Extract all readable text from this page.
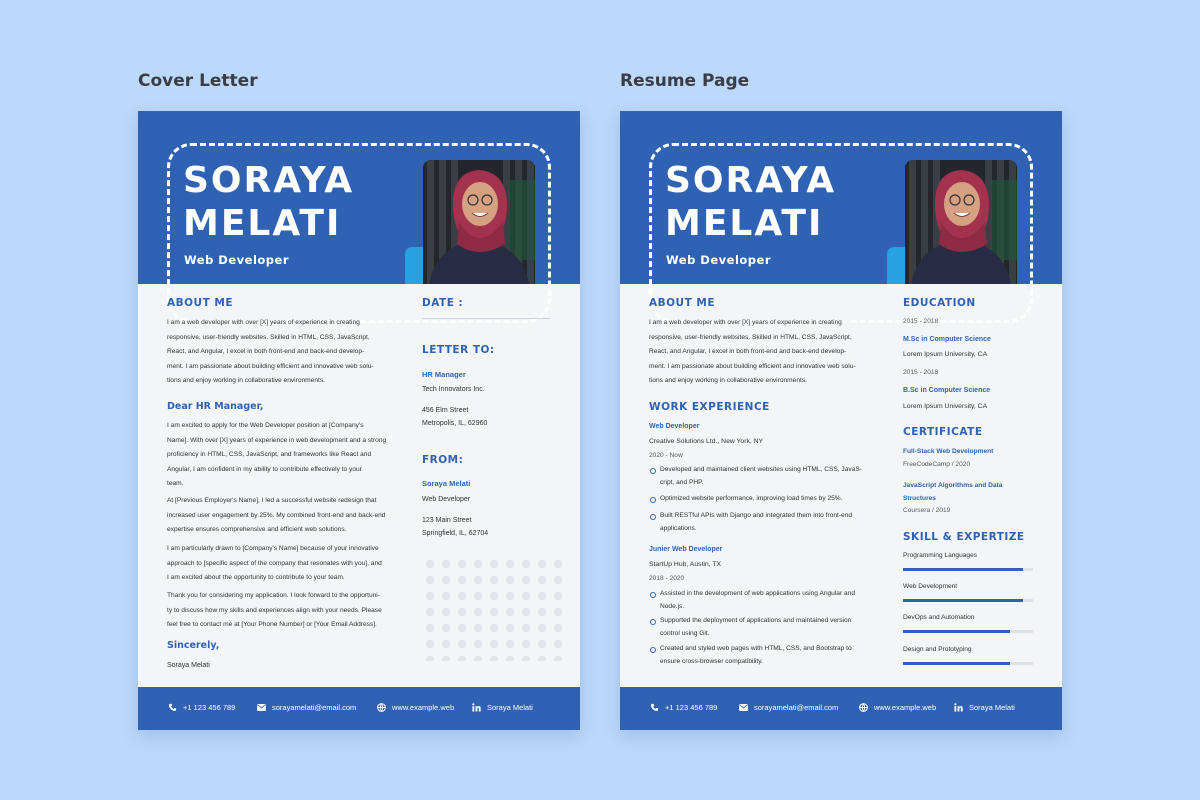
Cover Letter	Resume Page
SORAYA
MELATI
Web Developer
ABOUT ME
I am a web developer with over [X] years of experience in creating
responsive, user-friendly websites. Skilled in HTML, CSS, JavaScript,
React, and Angular, I excel in both front-end and back-end develop-
ment. I am passionate about building efficient and innovative web solu-
tions and enjoy working in collaborative environments.
Dear HR Manager,
I am excited to apply for the Web Developer position at [Company's
Name]. With over [X] years of experience in web development and a strong
proficiency in HTML, CSS, JavaScript, and frameworks like React and
Angular, I am confident in my ability to contribute effectively to your
team.
At [Previous Employer's Name], I led a successful website redesign that
increased user engagement by 25%. My combined front-end and back-end
expertise ensures comprehensive and efficient web solutions.
I am particularly drawn to [Company's Name] because of your innovative
approach to [specific aspect of the company that resonates with you], and
I am excited about the opportunity to contribute to your team.
Thank you for considering my application. I look forward to the opportuni-
ty to discuss how my skills and experiences align with your needs. Please
feel free to contact me at [Your Phone Number] or [Your Email Address].
Sincerely,
Soraya Melati
DATE :
LETTER TO:
HR Manager
Tech Innovators Inc.
456 Elm Street
Metropolis, IL, 62960
FROM:
Soraya Melati
Web Developer
123 Main Street
Springfield, IL, 62704
+1 123 456 789	sorayamelati@email.com	www.example.web	Soraya Melati
SORAYA
MELATI
Web Developer
ABOUT ME
I am a web developer with over [X] years of experience in creating
responsive, user-friendly websites. Skilled in HTML, CSS, JavaScript,
React, and Angular, I excel in both front-end and back-end develop-
ment. I am passionate about building efficient and innovative web solu-
tions and enjoy working in collaborative environments.
WORK EXPERIENCE
Web Developer
Creative Solutions Ltd., New York, NY
2020 - Now
Developed and maintained client websites using HTML, CSS, JavaS-
cript, and PHP.
Optimized website performance, improving load times by 25%.
Built RESTful APIs with Django and integrated them into front-end
applications.
Junier Web Developer
StartUp Hub, Austin, TX
2018 - 2020
Assisted in the development of web applications using Angular and
Node.js.
Supported the deployment of applications and maintained version
control using Git.
Created and styled web pages with HTML, CSS, and Bootstrap to
ensure cross-browser compatibility.
EDUCATION
2015 - 2018
M.Sc in Computer Science
Lorem Ipsum University, CA
2015 - 2018
B.Sc in Computer Science
Lorem Ipsum University, CA
CERTIFICATE
Full-Stack Web Development
FreeCodeCamp / 2020
JavaScript Algorithms and Data
Structures
Coursera / 2019
SKILL & EXPERTIZE
Programming Languages
Web Development
DevOps and Automation
Design and Prototyping
+1 123 456 789	sorayamelati@email.com	www.example.web	Soraya Melati
